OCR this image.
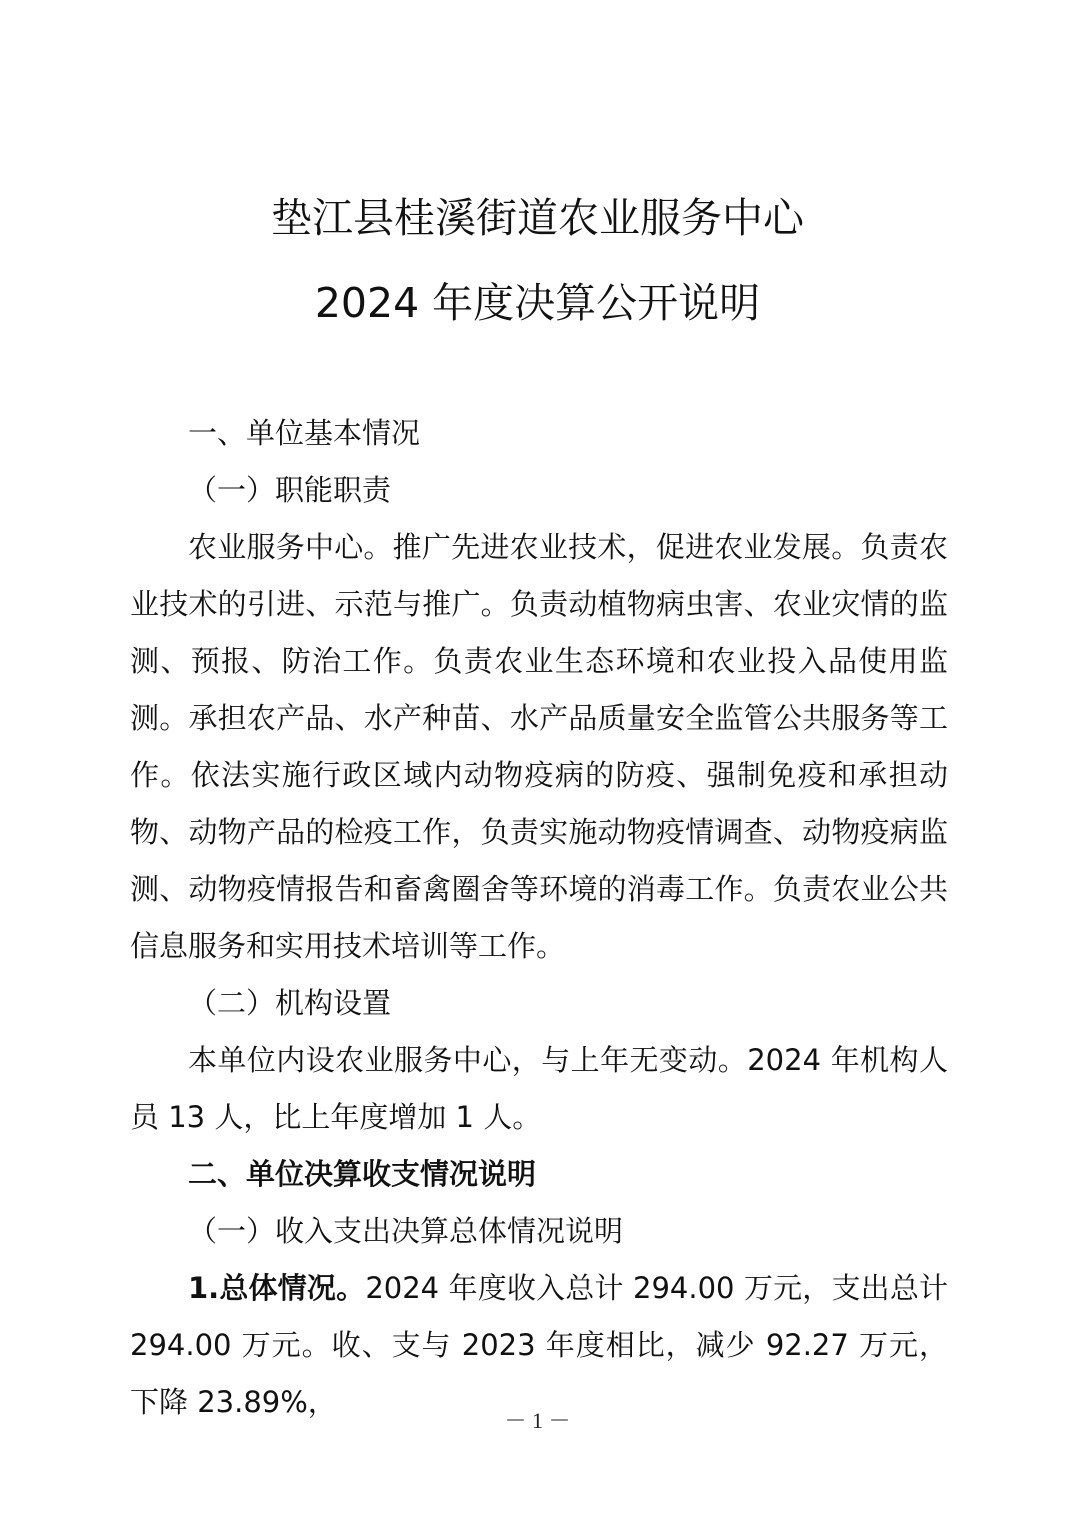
垫江县桂溪街道农业服务中心
2024 年度决算公开说明

一、单位基本情况

（一）职能职责

农业服务中心。推广先进农业技术，促进农业发展。负责农业技术的引进、示范与推广。负责动植物病虫害、农业灾情的监测、预报、防治工作。负责农业生态环境和农业投入品使用监测。承担农产品、水产种苗、水产品质量安全监管公共服务等工作。依法实施行政区域内动物疫病的防疫、强制免疫和承担动物、动物产品的检疫工作，负责实施动物疫情调查、动物疫病监测、动物疫情报告和畜禽圈舍等环境的消毒工作。负责农业公共信息服务和实用技术培训等工作。

（二）机构设置

本单位内设农业服务中心，与上年无变动。2024 年机构人员 13 人，比上年度增加 1 人。

二、单位决算收支情况说明

（一）收入支出决算总体情况说明

1.总体情况。2024 年度收入总计 294.00 万元，支出总计 294.00 万元。收、支与 2023 年度相比，减少 92.27 万元，下降 23.89%，

－ 1 －
